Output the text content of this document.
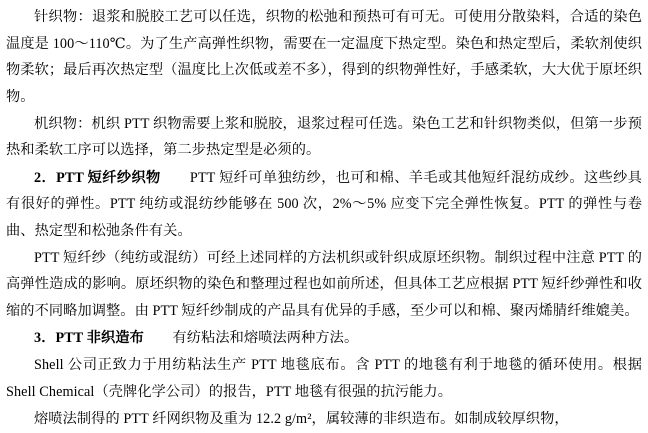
针织物：退浆和脱胶工艺可以任选，织物的松弛和预热可有可无。可使用分散染料，合适的染色温度是 100～110℃。为了生产高弹性织物，需要在一定温度下热定型。染色和热定型后，柔软剂使织物柔软；最后再次热定型（温度比上次低或差不多），得到的织物弹性好，手感柔软，大大优于原坯织物。

机织物：机织 PTT 织物需要上浆和脱胶，退浆过程可任选。染色工艺和针织物类似，但第一步预热和柔软工序可以选择，第二步热定型是必须的。

2．PTT 短纤纱织物　　PTT 短纤可单独纺纱，也可和棉、羊毛或其他短纤混纺成纱。这些纱具有很好的弹性。PTT 纯纺或混纺纱能够在 500 次，2%～5% 应变下完全弹性恢复。PTT 的弹性与卷曲、热定型和松弛条件有关。

PTT 短纤纱（纯纺或混纺）可经上述同样的方法机织或针织成原坯织物。制织过程中注意 PTT 的高弹性造成的影响。原坯织物的染色和整理过程也如前所述，但具体工艺应根据 PTT 短纤纱弹性和收缩的不同略加调整。由 PTT 短纤纱制成的产品具有优异的手感，至少可以和棉、聚丙烯腈纤维媲美。

3．PTT 非织造布　　有纺粘法和熔喷法两种方法。

Shell 公司正致力于用纺粘法生产 PTT 地毯底布。含 PTT 的地毯有利于地毯的循环使用。根据 Shell Chemical（壳牌化学公司）的报告，PTT 地毯有很强的抗污能力。

熔喷法制得的 PTT 纤网织物及重为 12.2 g/m²，属较薄的非织造布。如制成较厚织物，
